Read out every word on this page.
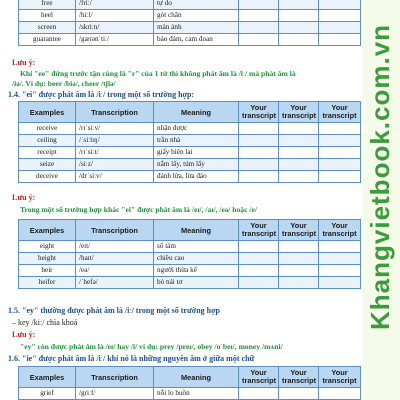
Khangvietbook.com.vn
free	/friː/	tự do			
heel	/hiːl/	gót chân			
screen	/skriːn/	màn ảnh			
guarantee	/gærənˈtiː/	bảo đảm, cam đoan			
Lưu ý:
Khi "ee" đứng trước tận cùng là "r" của 1 từ thì không phát âm là /iː/ mà phát âm là
/iə/. Ví dụ: beer /biə/, cheer /tʃiə/
1.4. "ei" được phát âm là /iː/ trong một số trường hợp:
Examples	Transcription	Meaning	Your transcript	Your transcript	Your transcript
receive	/rɪˈsiːv/	nhận được			
ceiling	/ˈsiːlɪŋ/	trần nhà			
receipt	/rɪˈsiːt/	giấy biên lai			
seize	/siːz/	nắm lấy, túm lấy			
deceive	/drˈsiːv/	đánh lừa, lừa đảo			
Lưu ý:
Trong một số trường hợp khác "ei" được phát âm là /eɪ/, /aɪ/, /eə/ hoặc /e/
Examples	Transcription	Meaning	Your transcript	Your transcript	Your transcript
eight	/eɪt/	số tám			
height	/haɪt/	chiều cao			
heir	/eə/	người thừa kế			
heifer	/ˈhefə/	bò nái tơ			
1.5. "ey" thường được phát âm là /iː/ trong một số trường hợp
– key /kiː/ chìa khoá
Lưu ý:
"ey" còn được phát âm là /eɪ/ hay /i/ ví dụ: prey /preɪ/, obey /oˈbeɪ/, money /mʌni/
1.6. "ie" được phát âm là /iː/ khi nó là những nguyên âm ở giữa một chữ
Examples	Transcription	Meaning	Your transcript	Your transcript	Your transcript
grief	/griːf/	nỗi lo buồn			
